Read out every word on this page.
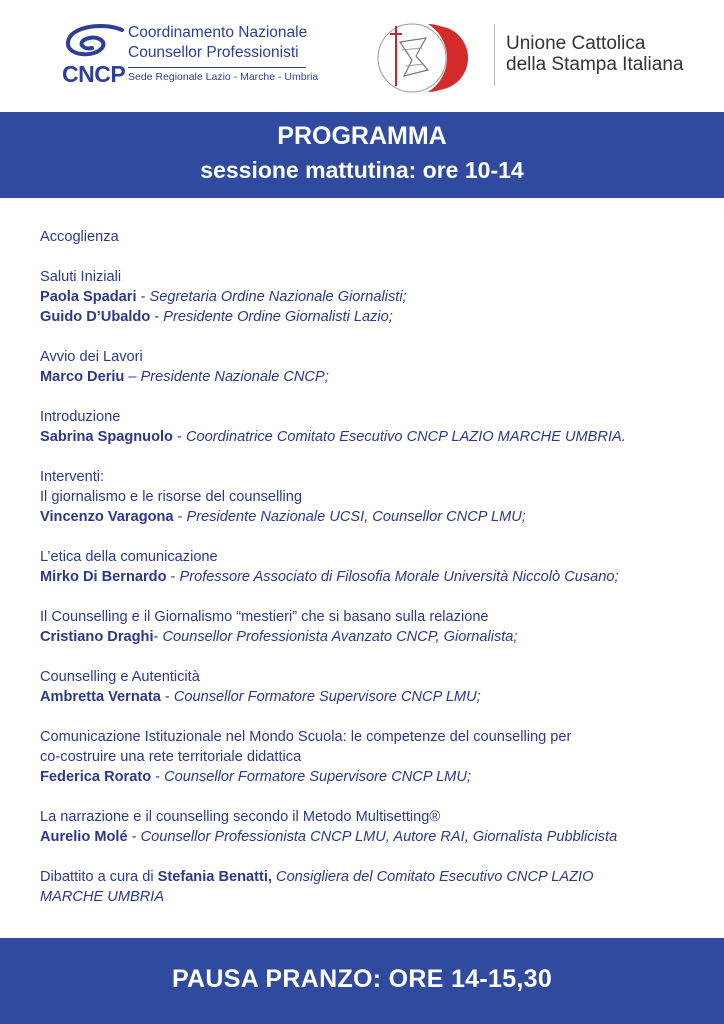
CNCP
Coordinamento Nazionale
Counsellor Professionisti
Sede Regionale Lazio - Marche - Umbria
Unione Cattolica
della Stampa Italiana
PROGRAMMA
sessione mattutina: ore 10-14
Accoglienza
Saluti Iniziali
Paola Spadari - Segretaria Ordine Nazionale Giornalisti;
Guido D’Ubaldo - Presidente Ordine Giornalisti Lazio;
Avvio dei Lavori
Marco Deriu – Presidente Nazionale CNCP;
Introduzione
Sabrina Spagnuolo - Coordinatrice Comitato Esecutivo CNCP LAZIO MARCHE UMBRIA.
Interventi:
Il giornalismo e le risorse del counselling
Vincenzo Varagona - Presidente Nazionale UCSI, Counsellor CNCP LMU;
L’etica della comunicazione
Mirko Di Bernardo - Professore Associato di Filosofia Morale Università Niccolò Cusano;
Il Counselling e il Giornalismo “mestieri” che si basano sulla relazione
Cristiano Draghi- Counsellor Professionista Avanzato CNCP, Giornalista;
Counselling e Autenticità
Ambretta Vernata - Counsellor Formatore Supervisore CNCP LMU;
Comunicazione Istituzionale nel Mondo Scuola: le competenze del counselling per
co-costruire una rete territoriale didattica
Federica Rorato - Counsellor Formatore Supervisore CNCP LMU;
La narrazione e il counselling secondo il Metodo Multisetting®
Aurelio Molé - Counsellor Professionista CNCP LMU, Autore RAI, Giornalista Pubblicista
Dibattito a cura di Stefania Benatti, Consigliera del Comitato Esecutivo CNCP LAZIO
MARCHE UMBRIA
PAUSA PRANZO: ORE 14-15,30
